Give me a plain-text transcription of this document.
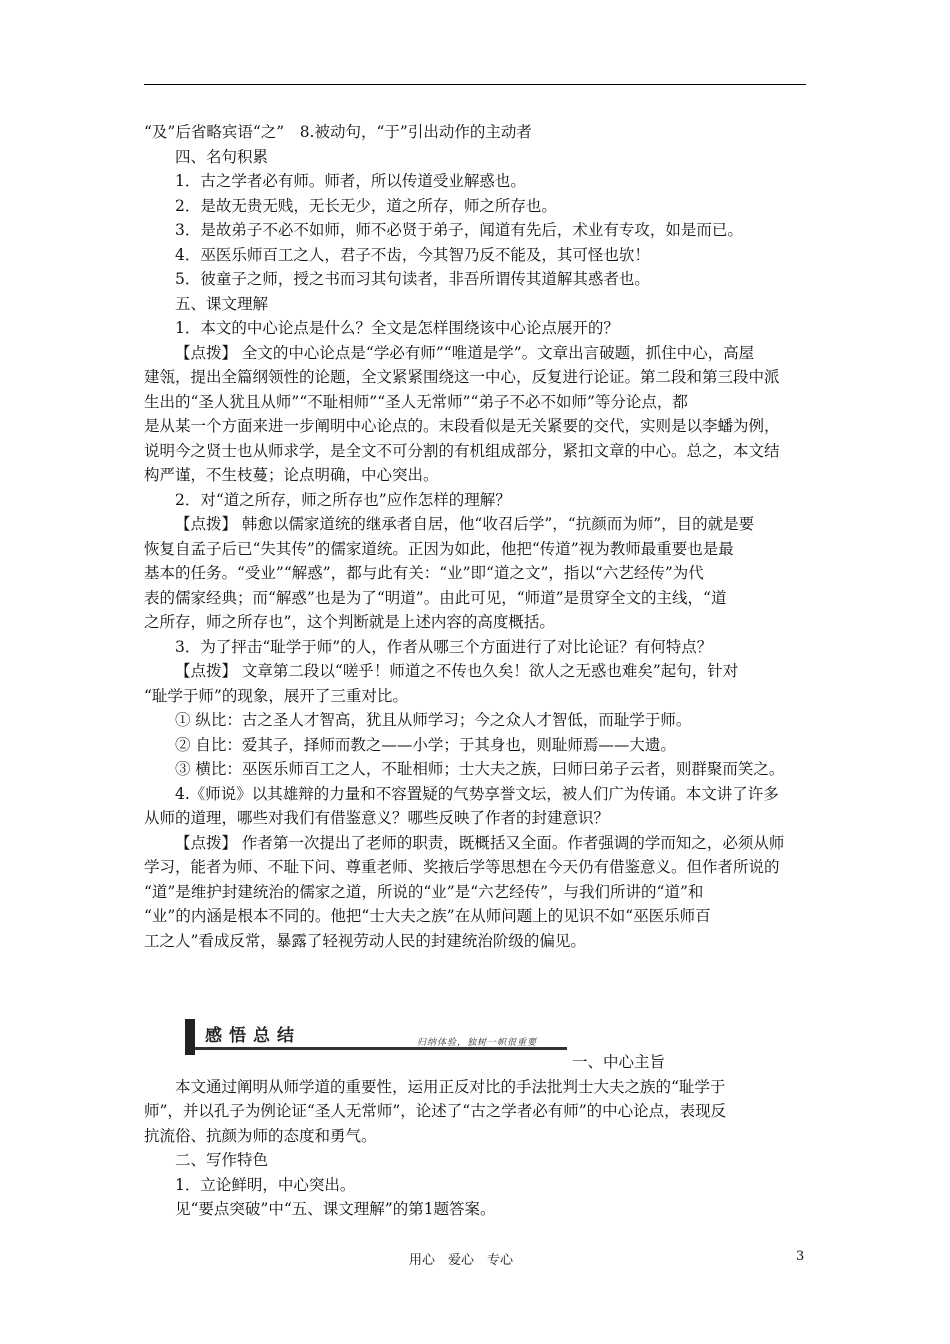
“及”后省略宾语“之”　8.被动句，“于”引出动作的主动者
四、名句积累
1．古之学者必有师。师者，所以传道受业解惑也。
2．是故无贵无贱，无长无少，道之所存，师之所存也。
3．是故弟子不必不如师，师不必贤于弟子，闻道有先后，术业有专攻，如是而已。
4．巫医乐师百工之人，君子不齿，今其智乃反不能及，其可怪也欤！
5．彼童子之师，授之书而习其句读者，非吾所谓传其道解其惑者也。
五、课文理解
1．本文的中心论点是什么？全文是怎样围绕该中心论点展开的？
【点拨】 全文的中心论点是“学必有师”“唯道是学”。文章出言破题，抓住中心，高屋
建瓴，提出全篇纲领性的论题，全文紧紧围绕这一中心，反复进行论证。第二段和第三段中派
生出的“圣人犹且从师”“不耻相师”“圣人无常师”“弟子不必不如师”等分论点，都
是从某一个方面来进一步阐明中心论点的。末段看似是无关紧要的交代，实则是以李蟠为例，
说明今之贤士也从师求学，是全文不可分割的有机组成部分，紧扣文章的中心。总之，本文结
构严谨，不生枝蔓；论点明确，中心突出。
2．对“道之所存，师之所存也”应作怎样的理解？
【点拨】 韩愈以儒家道统的继承者自居，他“收召后学”，“抗颜而为师”，目的就是要
恢复自孟子后已“失其传”的儒家道统。正因为如此，他把“传道”视为教师最重要也是最
基本的任务。“受业”“解惑”，都与此有关：“业”即“道之文”，指以“六艺经传”为代
表的儒家经典；而“解惑”也是为了“明道”。由此可见，“师道”是贯穿全文的主线，“道
之所存，师之所存也”，这个判断就是上述内容的高度概括。
3．为了抨击“耻学于师”的人，作者从哪三个方面进行了对比论证？有何特点？
【点拨】 文章第二段以“嗟乎！师道之不传也久矣！欲人之无惑也难矣”起句，针对
“耻学于师”的现象，展开了三重对比。
① 纵比：古之圣人才智高，犹且从师学习；今之众人才智低，而耻学于师。
② 自比：爱其子，择师而教之——小学；于其身也，则耻师焉——大遗。
③ 横比：巫医乐师百工之人，不耻相师；士大夫之族，曰师曰弟子云者，则群聚而笑之。
4.《师说》以其雄辩的力量和不容置疑的气势享誉文坛，被人们广为传诵。本文讲了许多
从师的道理，哪些对我们有借鉴意义？哪些反映了作者的封建意识？
【点拨】 作者第一次提出了老师的职责，既概括又全面。作者强调的学而知之，必须从师
学习，能者为师、不耻下问、尊重老师、奖掖后学等思想在今天仍有借鉴意义。但作者所说的
“道”是维护封建统治的儒家之道，所说的“业”是“六艺经传”，与我们所讲的“道”和
“业”的内涵是根本不同的。他把“士大夫之族”在从师问题上的见识不如“巫医乐师百
工之人”看成反常，暴露了轻视劳动人民的封建统治阶级的偏见。
感悟总结	归纳体验，独树一帜很重要
一、中心主旨
本文通过阐明从师学道的重要性，运用正反对比的手法批判士大夫之族的“耻学于
师”，并以孔子为例论证“圣人无常师”，论述了“古之学者必有师”的中心论点，表现反
抗流俗、抗颜为师的态度和勇气。
二、写作特色
1．立论鲜明，中心突出。
见“要点突破”中“五、课文理解”的第1题答案。
用心　爱心　专心	3
